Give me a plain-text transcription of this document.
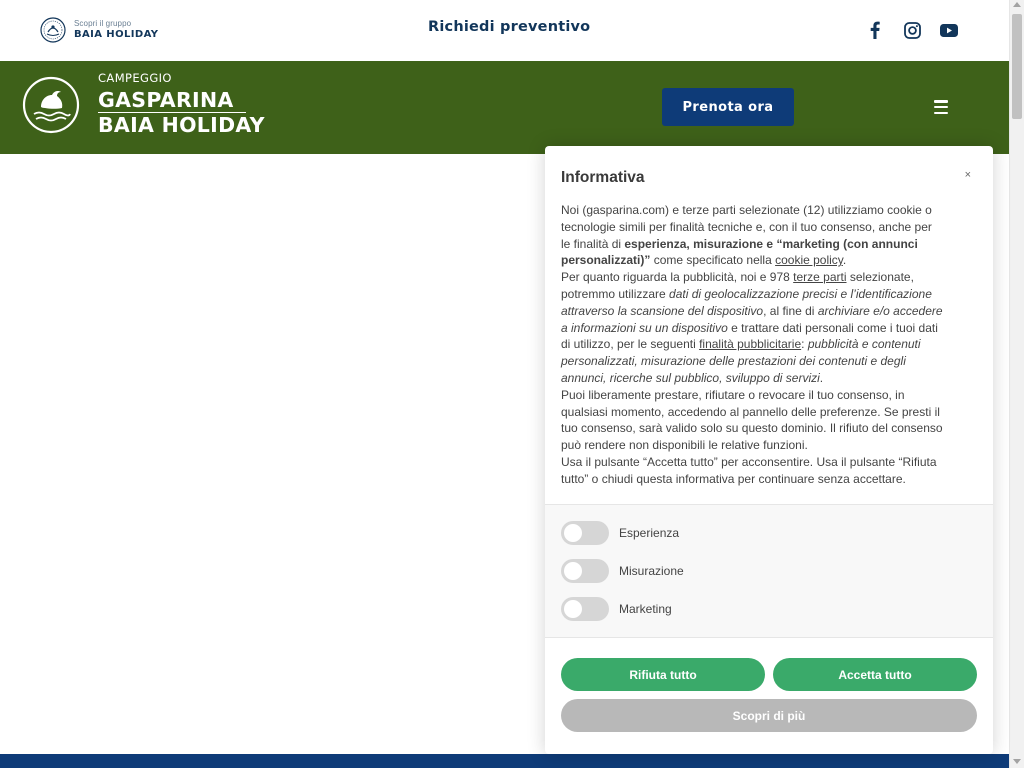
Scopri il gruppo
BAIA HOLIDAY	Richiedi preventivo
CAMPEGGIO
GASPARINA
BAIA HOLIDAY
Prenota ora
Informativa	×

Noi (gasparina.com) e terze parti selezionate (12) utilizziamo cookie o tecnologie simili per finalità tecniche e, con il tuo consenso, anche per le finalità di esperienza, misurazione e “marketing (con annunci personalizzati)” come specificato nella cookie policy.

Per quanto riguarda la pubblicità, noi e 978 terze parti selezionate, potremmo utilizzare dati di geolocalizzazione precisi e l’identificazione attraverso la scansione del dispositivo, al fine di archiviare e/o accedere a informazioni su un dispositivo e trattare dati personali come i tuoi dati di utilizzo, per le seguenti finalità pubblicitarie: pubblicità e contenuti personalizzati, misurazione delle prestazioni dei contenuti e degli annunci, ricerche sul pubblico, sviluppo di servizi.

Puoi liberamente prestare, rifiutare o revocare il tuo consenso, in qualsiasi momento, accedendo al pannello delle preferenze. Se presti il tuo consenso, sarà valido solo su questo dominio. Il rifiuto del consenso può rendere non disponibili le relative funzioni.

Usa il pulsante “Accetta tutto” per acconsentire. Usa il pulsante “Rifiuta tutto” o chiudi questa informativa per continuare senza accettare.

Esperienza
Misurazione
Marketing
Rifiuta tutto	Accetta tutto
Scopri di più
